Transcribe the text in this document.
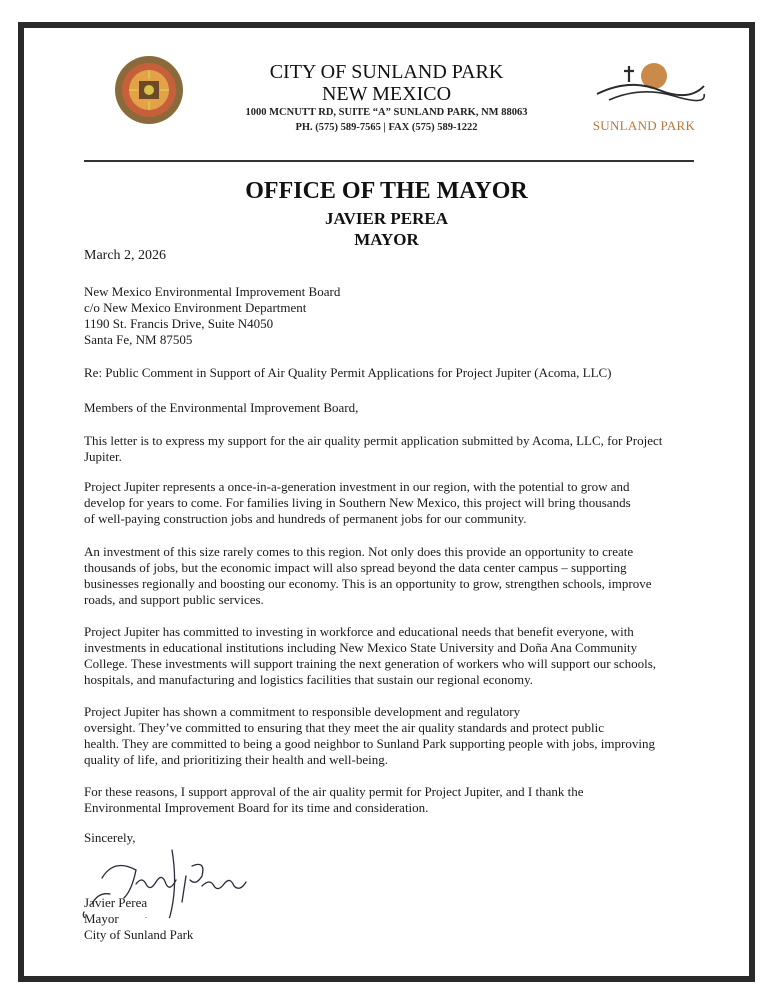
CITY OF SUNLAND PARK
NEW MEXICO
1000 MCNUTT RD, SUITE “A” SUNLAND PARK, NM 88063
PH. (575) 589-7565 | FAX (575) 589-1222	SUNLAND PARK
OFFICE OF THE MAYOR
JAVIER PEREA
MAYOR
March 2, 2026
New Mexico Environmental Improvement Board
c/o New Mexico Environment Department
1190 St. Francis Drive, Suite N4050
Santa Fe, NM 87505
Re: Public Comment in Support of Air Quality Permit Applications for Project Jupiter (Acoma, LLC)
Members of the Environmental Improvement Board,
This letter is to express my support for the air quality permit application submitted by Acoma, LLC, for Project
Jupiter.
Project Jupiter represents a once-in-a-generation investment in our region, with the potential to grow and
develop for years to come. For families living in Southern New Mexico, this project will bring thousands
of well-paying construction jobs and hundreds of permanent jobs for our community.
An investment of this size rarely comes to this region. Not only does this provide an opportunity to create
thousands of jobs, but the economic impact will also spread beyond the data center campus – supporting
businesses regionally and boosting our economy. This is an opportunity to grow, strengthen schools, improve
roads, and support public services.
Project Jupiter has committed to investing in workforce and educational needs that benefit everyone, with
investments in educational institutions including New Mexico State University and Doña Ana Community
College. These investments will support training the next generation of workers who will support our schools,
hospitals, and manufacturing and logistics facilities that sustain our regional economy.
Project Jupiter has shown a commitment to responsible development and regulatory
oversight. They’ve committed to ensuring that they meet the air quality standards and protect public
health. They are committed to being a good neighbor to Sunland Park supporting people with jobs, improving
quality of life, and prioritizing their health and well-being.
For these reasons, I support approval of the air quality permit for Project Jupiter, and I thank the
Environmental Improvement Board for its time and consideration.
Sincerely,
Javier Perea
Mayor
City of Sunland Park
